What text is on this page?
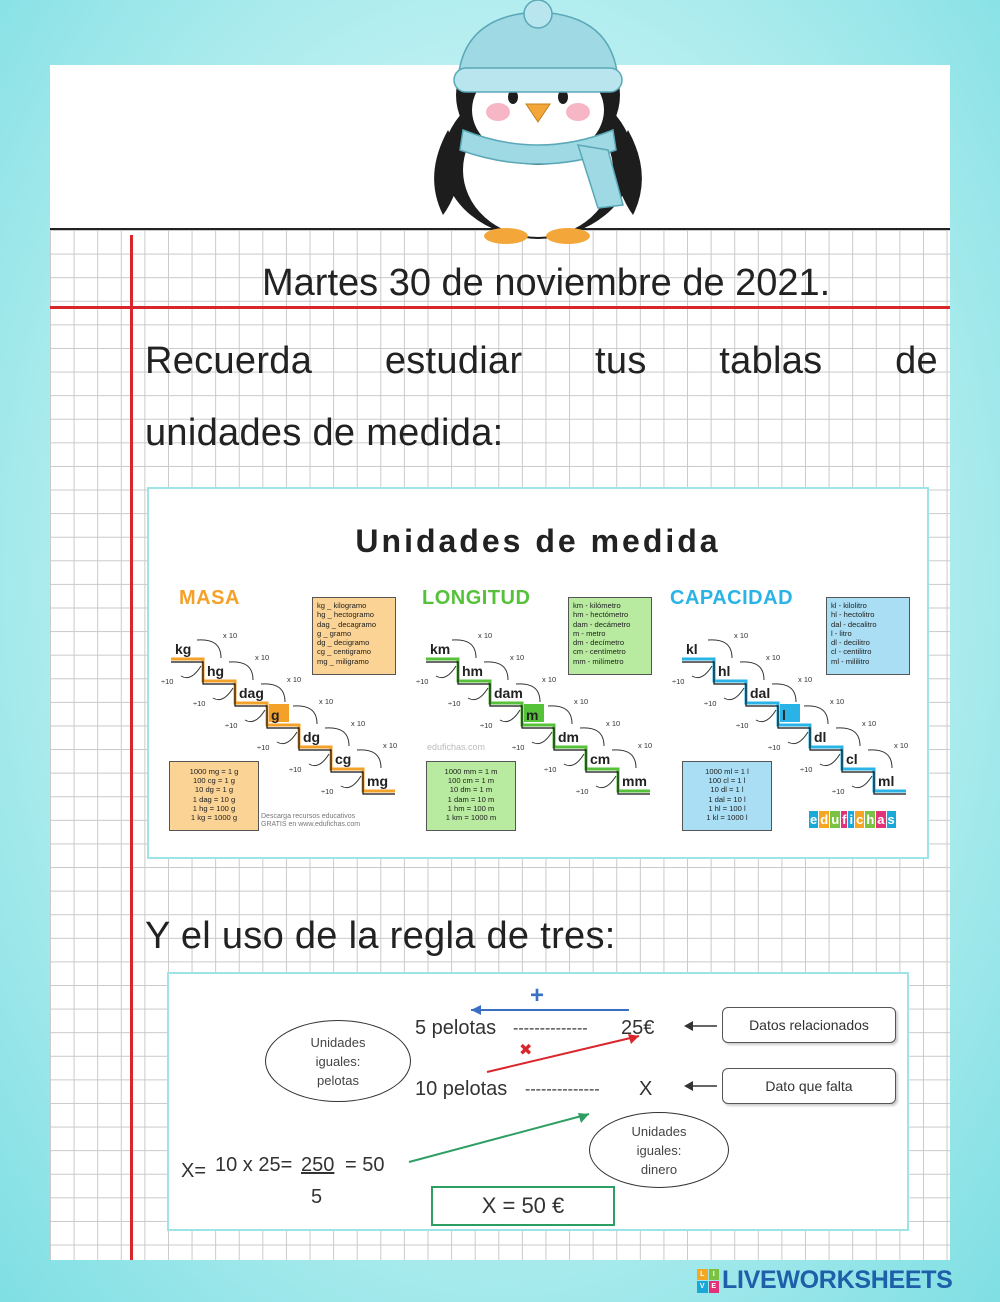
Martes 30 de noviembre de 2021.
Recuerda estudiar tus tablas de
unidades de medida:
Unidades de medida
MASA	LONGITUD	CAPACIDAD
kg _ kilogramo
hg _ hectogramo
dag _ decagramo
g _ gramo
dg _ decigramo
cg _ centigramo
mg _ miligramo
km - kilómetro
hm - hectómetro
dam - decámetro
m - metro
dm - decímetro
cm - centímetro
mm - milímetro
kl - kilolitro
hl - hectolitro
dal - decalitro
l - litro
dl - decilitro
cl - centilitro
ml - mililitro
kg
x 10
÷10
hg
x 10
÷10
dag
x 10
÷10
g
x 10
÷10
dg
x 10
÷10
cg
x 10
÷10
mg
km
x 10
÷10
hm
x 10
÷10
dam
x 10
÷10
m
x 10
÷10
dm
x 10
÷10
cm
x 10
÷10
mm
kl
x 10
÷10
hl
x 10
÷10
dal
x 10
÷10
l
x 10
÷10
dl
x 10
÷10
cl
x 10
÷10
ml
1000 mg = 1 g
100 cg = 1 g
10 dg = 1 g
1 dag = 10 g
1 hg = 100 g
1 kg = 1000 g
1000 mm = 1 m
100 cm = 1 m
10 dm = 1 m
1 dam = 10 m
1 hm = 100 m
1 km = 1000 m
1000 ml = 1 l
100 cl = 1 l
10 dl = 1 l
1 dal = 10 l
1 hl = 100 l
1 kl = 1000 l
edufichas.com
Descarga recursos educativos
GRATIS en www.edufichas.com	e d u f i c h a s
Y el uso de la regla de tres:
+
✖
5 pelotas -------------- 25€
10 pelotas -------------- X
Unidades iguales: pelotas
Unidades iguales: dinero
Datos relacionados
Dato que falta
X= 10 x 25= 250 = 50
5	X = 50 €
L	I
V E LIVEWORKSHEETS
